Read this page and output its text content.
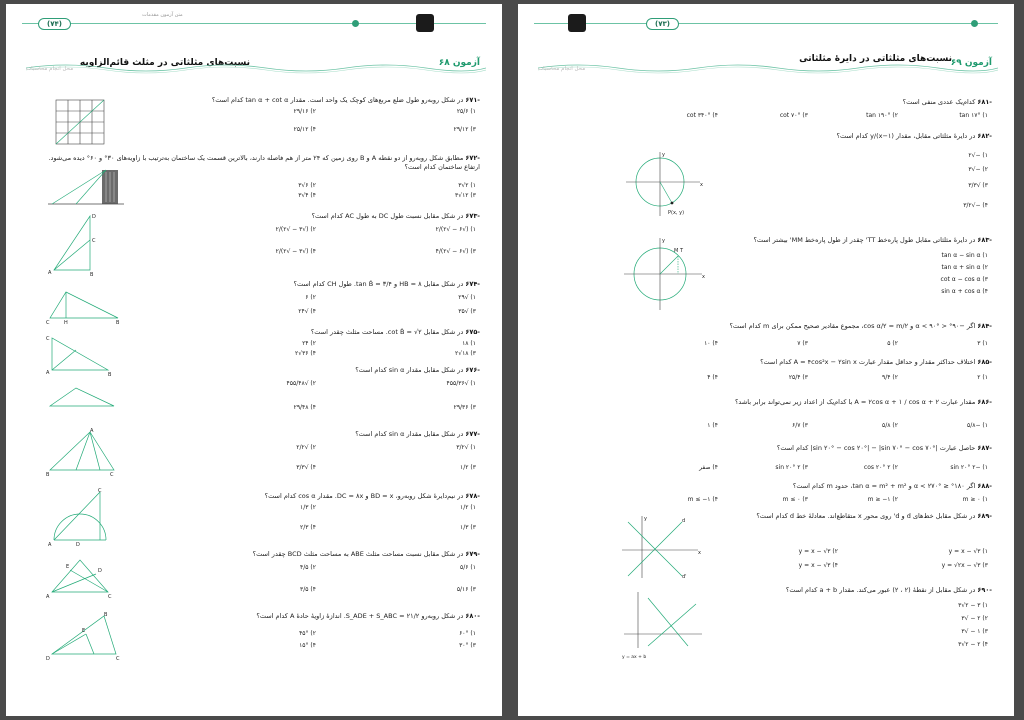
(۷۴)
متن آزمون مقدمات
نسبت‌های مثلثاتی در مثلث قائم‌الزاویه	آزمون ۶۸
محل انجام محاسبات
-۶۷۱ در شکل روبه‌رو طول ضلع مربع‌های کوچک یک واحد است. مقدار tan α + cot α کدام است؟
۱) ۲۵/۶
۲) ۲۹/۱۶
۳) ۲۹/۱۲
۴) ۲۵/۱۲
-۶۷۲ مطابق شکل روبه‌رو از دو نقطه A و B روی زمین که ۲۴ متر از هم فاصله دارند، بالاترین قسمت یک ساختمان به‌ترتیب با زاویه‌های ۳۰° و ۶۰° دیده می‌شود. ارتفاع ساختمان کدام است؟
۱) ۲√۳
۲) ۶√۳
۳) ۱۲√۳
۴) ۴√۳
-۶۷۳ در شکل مقابل نسبت طول DC به طول AC کدام است؟
۱) (√۶ − √۲)/۲
۲) (√۳ − √۲)/۲
۳) (√۶ − √۲)/۴
۴) (√۳ − √۲)/۲
A	B
D
C
-۶۷۴ در شکل مقابل HB = ۸ و tan B̂ = ۳/۴. طول CH کدام است؟
۱) √۲۹
۲) ۶
۳) √۳۵
۴) √۲۴
C	H	B
-۶۷۵ در شکل مقابل cot B̂ = √۲. مساحت مثلث چقدر است؟
۱) ۱۸
۲) ۲۴
۳) ۱۸√۲
۴) ۳۶√۲
C
A	B
-۶۷۶ در شکل مقابل مقدار sin α کدام است؟
۱) √۴۵۵/۳۶
۲) √۴۵۵/۴۸
۳) ۲۹/۳۶
۴) ۲۹/۴۸
-۶۷۷ در شکل مقابل مقدار sin α کدام است؟
۱) √۳/۲
۲) √۲/۲
۳) ۱/۲
۴) √۳/۳
B	C
A
-۶۷۸ در نیم‌دایرهٔ شکل روبه‌رو، BD = x و DC = ۸x. مقدار cos α کدام است؟
۱) ۱/۲
۲) ۱/۳
۳) ۱/۳
۴) ۲/۳
A
C
D
-۶۷۹ در شکل مقابل نسبت مساحت مثلث ABE به مساحت مثلث BCD چقدر است؟
۱) ۵/۶
۲) ۴/۵
۳) ۵/۱۶
۴) ۳/۵
A	C
E
D
-۶۸۰ در شکل روبه‌رو S_ADE + S_ABC = ۲۱/۲. اندازهٔ زاویهٔ حادهٔ A کدام است؟
۱) ۶۰°
۲) ۴۵°
۳) ۳۰°
۴) ۱۵°
D	C
B
E
(۷۳)
نسبت‌های مثلثاتی در دایرهٔ مثلثاتی
آزمون ۶۹
محل انجام محاسبات
-۶۸۱ کدام‌یک عددی منفی است؟
۱) tan ۱۷°
۲) tan ۱۹۰°
۳) cot ۷۰°
۴) cot ۳۴۰°
-۶۸۲ در دایرهٔ مثلثاتی مقابل، مقدار y/(x−۱) کدام است؟
۱) −√۲
۲) −√۳
۳) √۳/۳
۴) −√۳/۲
x
y
P(x, y)
-۶۸۳ در دایرهٔ مثلثاتی مقابل طول پاره‌خط TT' چقدر از طول پاره‌خط MM' بیشتر است؟
۱) tan α − sin α
۲) tan α + sin α
۳) cot α − cos α
۴) sin α + cos α
x
y
M T
-۶۸۴ اگر −۹۰° < α < ۹۰° و cos α/۲ = m/۲، مجموع مقادیر صحیح ممکن برای m کدام است؟
۱) ۳
۲) ۵
۳) ۷
۴) ۱۰
-۶۸۵ اختلاف حداکثر مقدار و حداقل مقدار عبارت A = ۴cos²x − ۲sin x کدام است؟
۱) ۲
۲) ۹/۴
۳) ۲۵/۴
۴) ۴
-۶۸۶ مقدار عبارت A = ۲cos α + ۱ / cos α + ۲ با کدام‌یک از اعداد زیر نمی‌تواند برابر باشد؟
۱) −۵/۸
۲) ۵/۸
۳) ۶/۷
۴) ۱
-۶۸۷ حاصل عبارت |sin ۲۰° − cos ۲۰°| − |sin ۷۰° − cos ۷۰°| کدام است؟
۱) −۲ sin ۲۰°
۲) ۲ cos ۲۰°
۳) ۲ sin ۲۰°
۴) صفر
-۶۸۸ اگر ۱۸۰° ≤ α < ۲۷۰° و tan α = m² + m²، حدود m کدام است؟
۱) m ≥ ۰
۲) m ≥ −۱
۳) m ≤ ۰
۴) m ≤ −۱
-۶۸۹ در شکل مقابل خط‌های d و d' روی محور x متقاطع‌اند. معادلهٔ خط d کدام است؟
۱) y = x − √۳
۲) y = x − √۳
۳) y = √۲x − √۳
۴) y = x − √۳
d
d'
x
y
-۶۹۰ در شکل مقابل از نقطهٔ (۲ ، ۲) عبور می‌کند. مقدار a + b کدام است؟
۱) ۳ − ۲√۳
۲) ۲ − √۳
۳) ۱ − √۳
۴) ۲ − ۲√۳
y = ax + b
